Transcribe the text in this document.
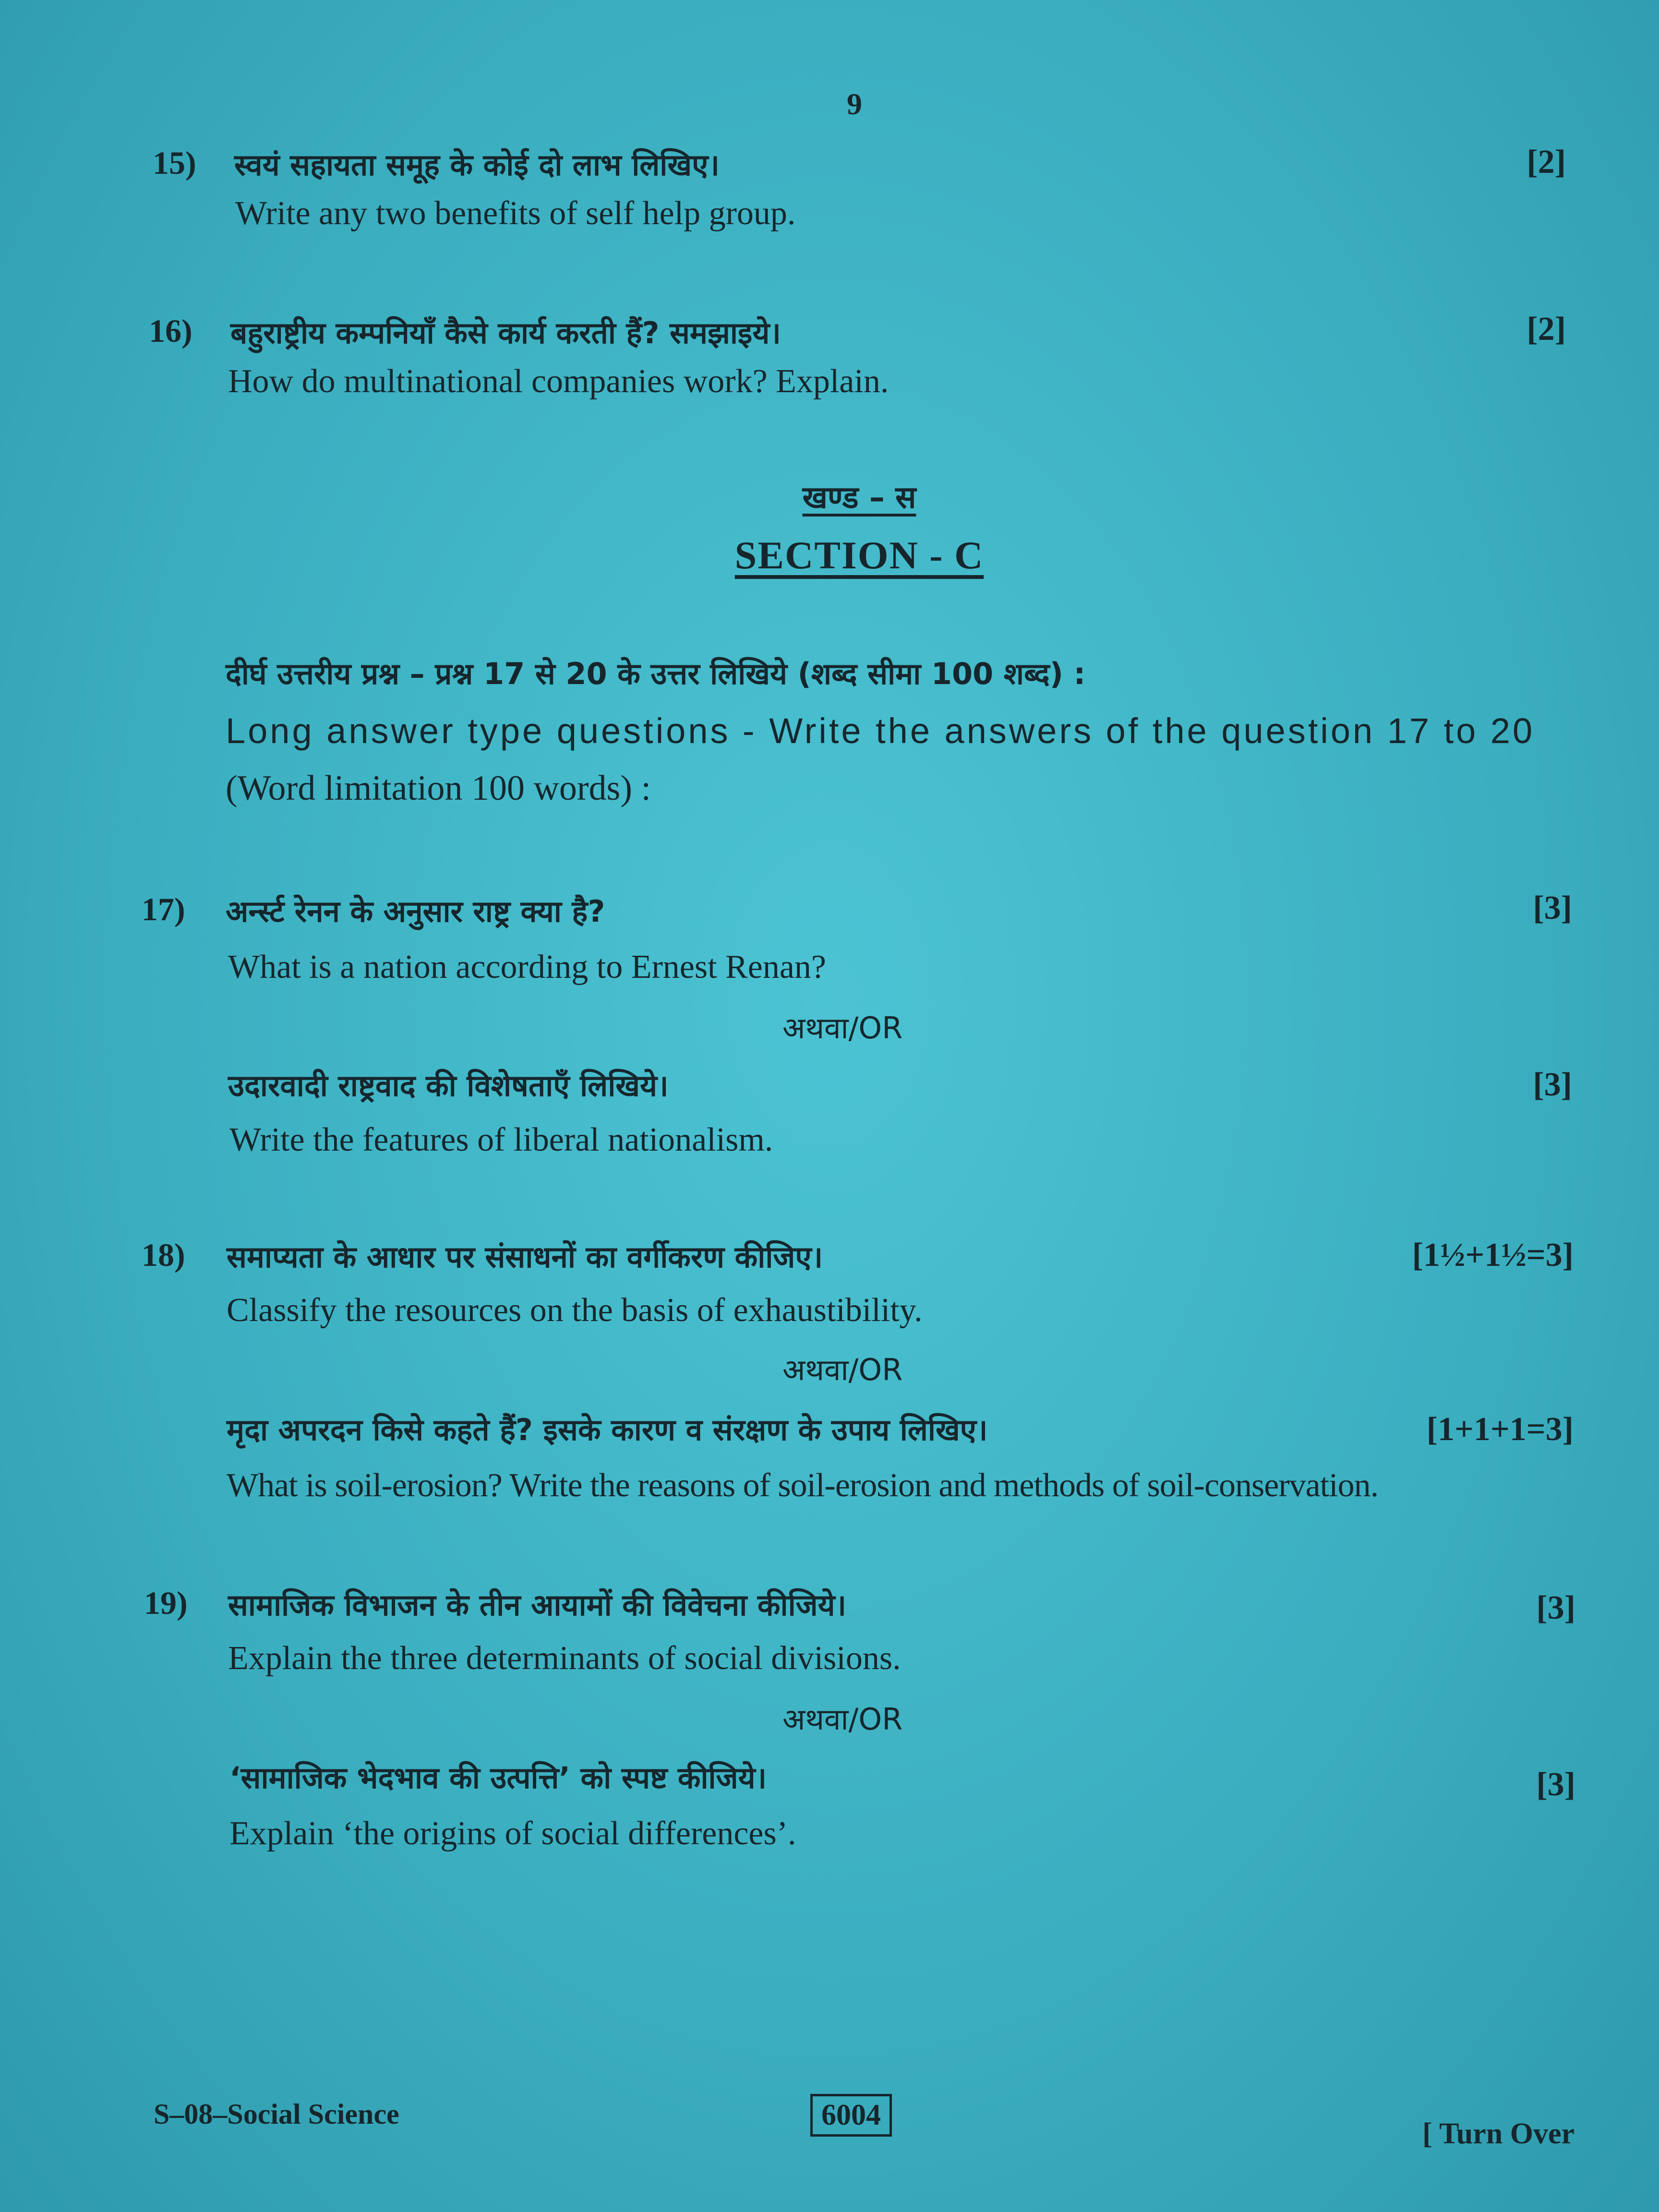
9
15) स्वयं सहायता समूह के कोई दो लाभ लिखिए।	[2]
Write any two benefits of self help group.
16) बहुराष्ट्रीय कम्पनियाँ कैसे कार्य करती हैं? समझाइये।	[2]
How do multinational companies work? Explain.
खण्ड – स
SECTION - C
दीर्घ उत्तरीय प्रश्न – प्रश्न 17 से 20 के उत्तर लिखिये (शब्द सीमा 100 शब्द) :
Long answer type questions - Write the answers of the question 17 to 20
(Word limitation 100 words) :
17) अर्न्स्ट रेनन के अनुसार राष्ट्र क्या है?	[3]
What is a nation according to Ernest Renan?
अथवा/OR
उदारवादी राष्ट्रवाद की विशेषताएँ लिखिये।	[3]
Write the features of liberal nationalism.
18) समाप्यता के आधार पर संसाधनों का वर्गीकरण कीजिए।	[1½+1½=3]
Classify the resources on the basis of exhaustibility.
अथवा/OR
मृदा अपरदन किसे कहते हैं? इसके कारण व संरक्षण के उपाय लिखिए।	[1+1+1=3]
What is soil-erosion? Write the reasons of soil-erosion and methods of soil-conservation.
19) सामाजिक विभाजन के तीन आयामों की विवेचना कीजिये।	[3]
Explain the three determinants of social divisions.
अथवा/OR
‘सामाजिक भेदभाव की उत्पत्ति’ को स्पष्ट कीजिये।	[3]
Explain ‘the origins of social differences’.
S–08–Social Science	6004
[ Turn Over
